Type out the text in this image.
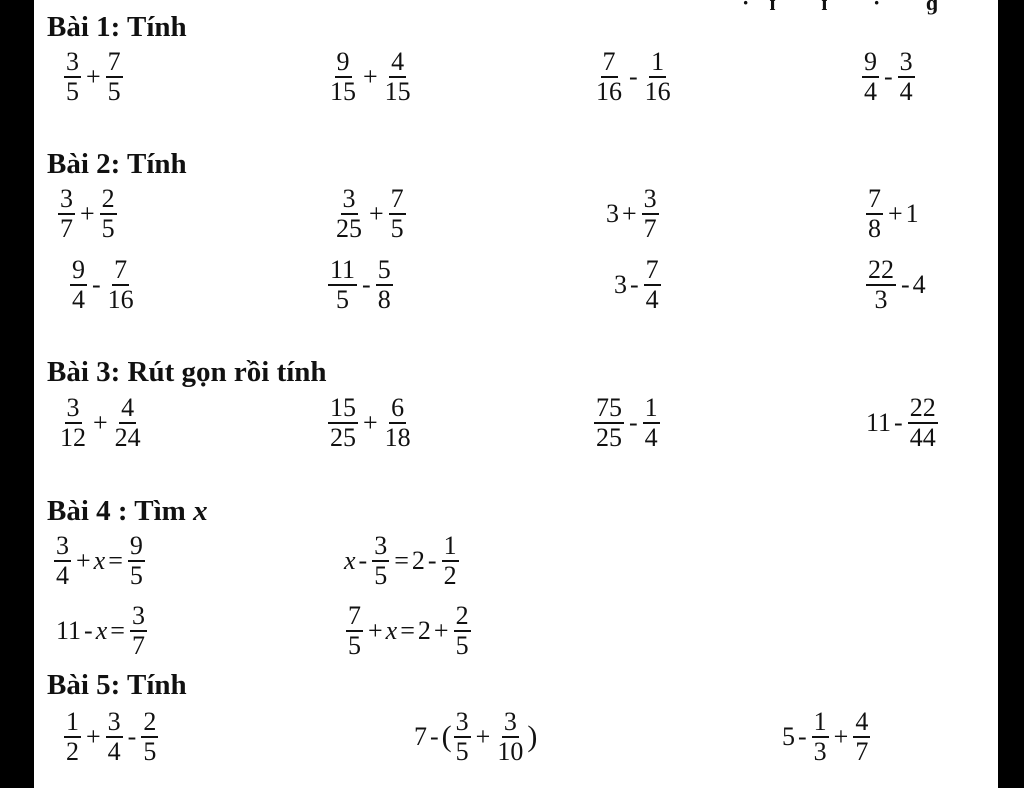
·ɪ ɪ · ɡ
Bài 1: Tính
Bài 2: Tính
Bài 3: Rút gọn rồi tính
Bài 4 : Tìm x
Bài 5: Tính
$\frac{3}{5} + \frac{7}{5}$	$\frac{9}{15} + \frac{4}{15}$	$\frac{7}{16} - \frac{1}{16}$	$\frac{9}{4} - \frac{3}{4}$
$\frac{3}{7} + \frac{2}{5}$	$\frac{3}{25} + \frac{7}{5}$	$3 + \frac{3}{7}$	$\frac{7}{8} + 1$
$\frac{9}{4} - \frac{7}{16}$	$\frac{11}{5} - \frac{5}{8}$	$3 - \frac{7}{4}$	$\frac{22}{3} - 4$
$\frac{3}{12} + \frac{4}{24}$	$\frac{15}{25} + \frac{6}{18}$	$\frac{75}{25} - \frac{1}{4}$	$11 - \frac{22}{44}$
$\frac{3}{4} + x = \frac{9}{5}$	$x - \frac{3}{5} = 2 - \frac{1}{2}$
$11 - x = \frac{3}{7}$	$\frac{7}{5} + x = 2 + \frac{2}{5}$
$\frac{1}{2} + \frac{3}{4} - \frac{2}{5}$	7 - ( $\frac{3}{5} + \frac{3}{10}$ )	$5 - \frac{1}{3} + \frac{4}{7}$
